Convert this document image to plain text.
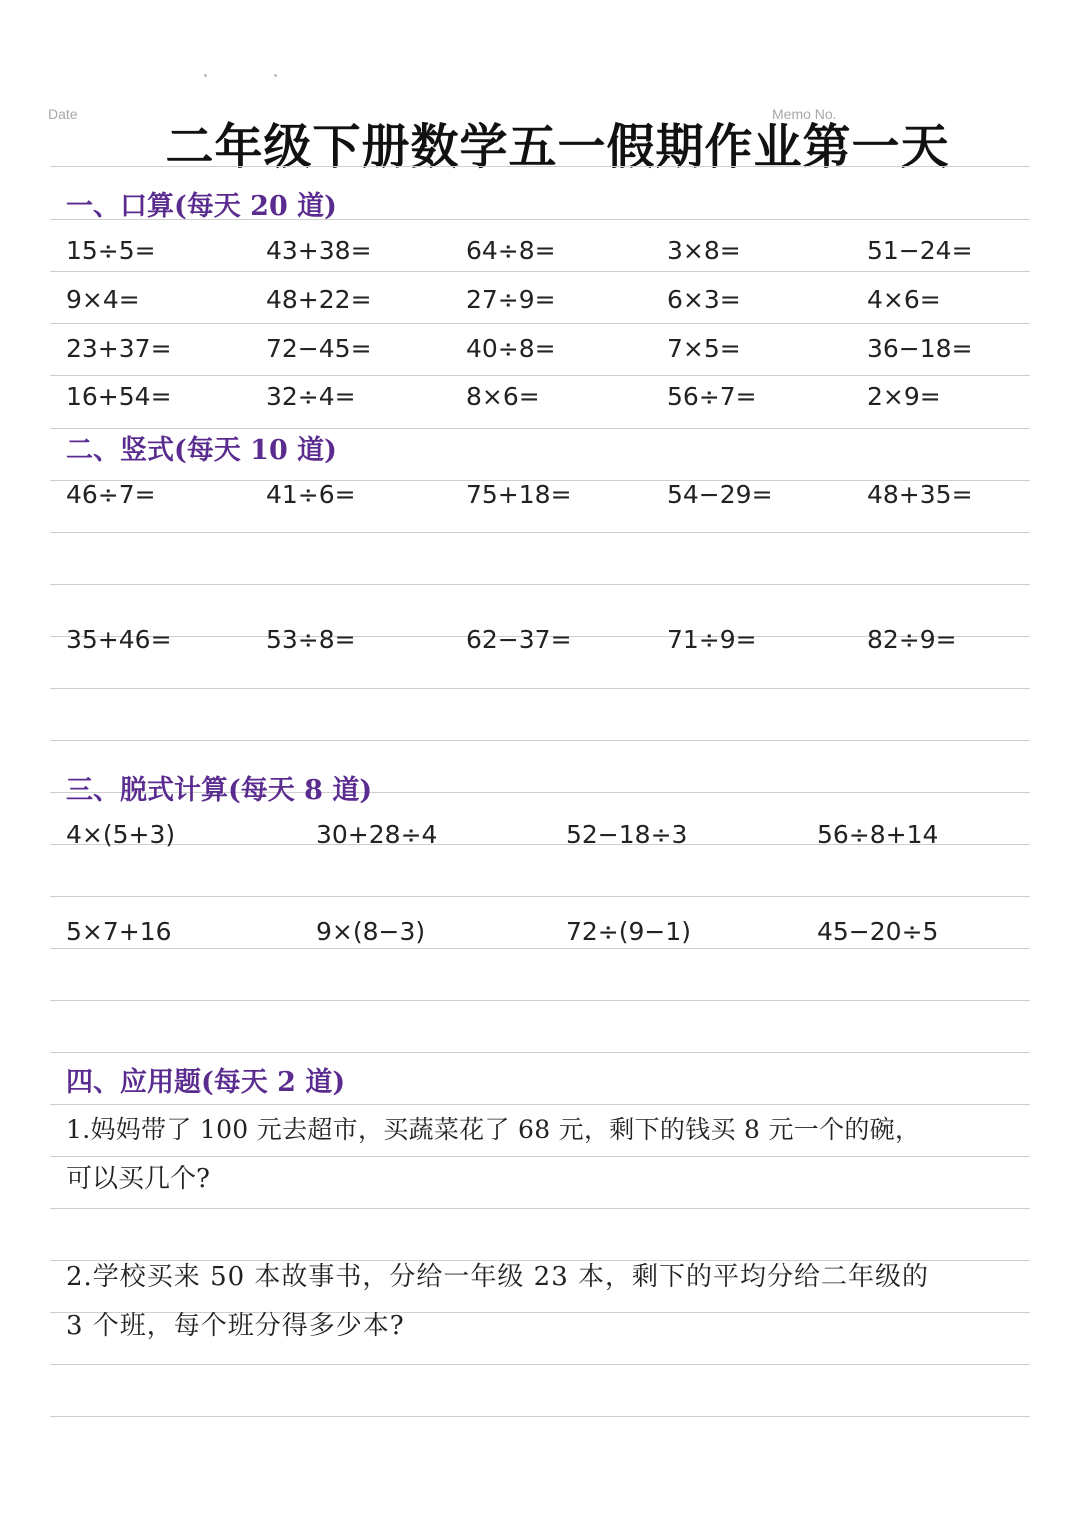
Date	Memo No.
二年级下册数学五一假期作业第一天
一、口算(每天 20 道)
15÷5=	43+38=	64÷8=	3×8=	51−24=
9×4=	48+22=	27÷9=	6×3=	4×6=
23+37=	72−45=	40÷8=	7×5=	36−18=
16+54=	32÷4=	8×6=	56÷7=	2×9=
二、竖式(每天 10 道)
46÷7=	41÷6=	75+18=	54−29=	48+35=
35+46=	53÷8=	62−37=	71÷9=	82÷9=
三、脱式计算(每天 8 道)
4×(5+3)	30+28÷4	52−18÷3	56÷8+14
5×7+16	9×(8−3)	72÷(9−1)	45−20÷5
四、应用题(每天 2 道)
1.妈妈带了 100 元去超市，买蔬菜花了 68 元，剩下的钱买 8 元一个的碗，
可以买几个?
2.学校买来 50 本故事书，分给一年级 23 本，剩下的平均分给二年级的
3 个班，每个班分得多少本?
